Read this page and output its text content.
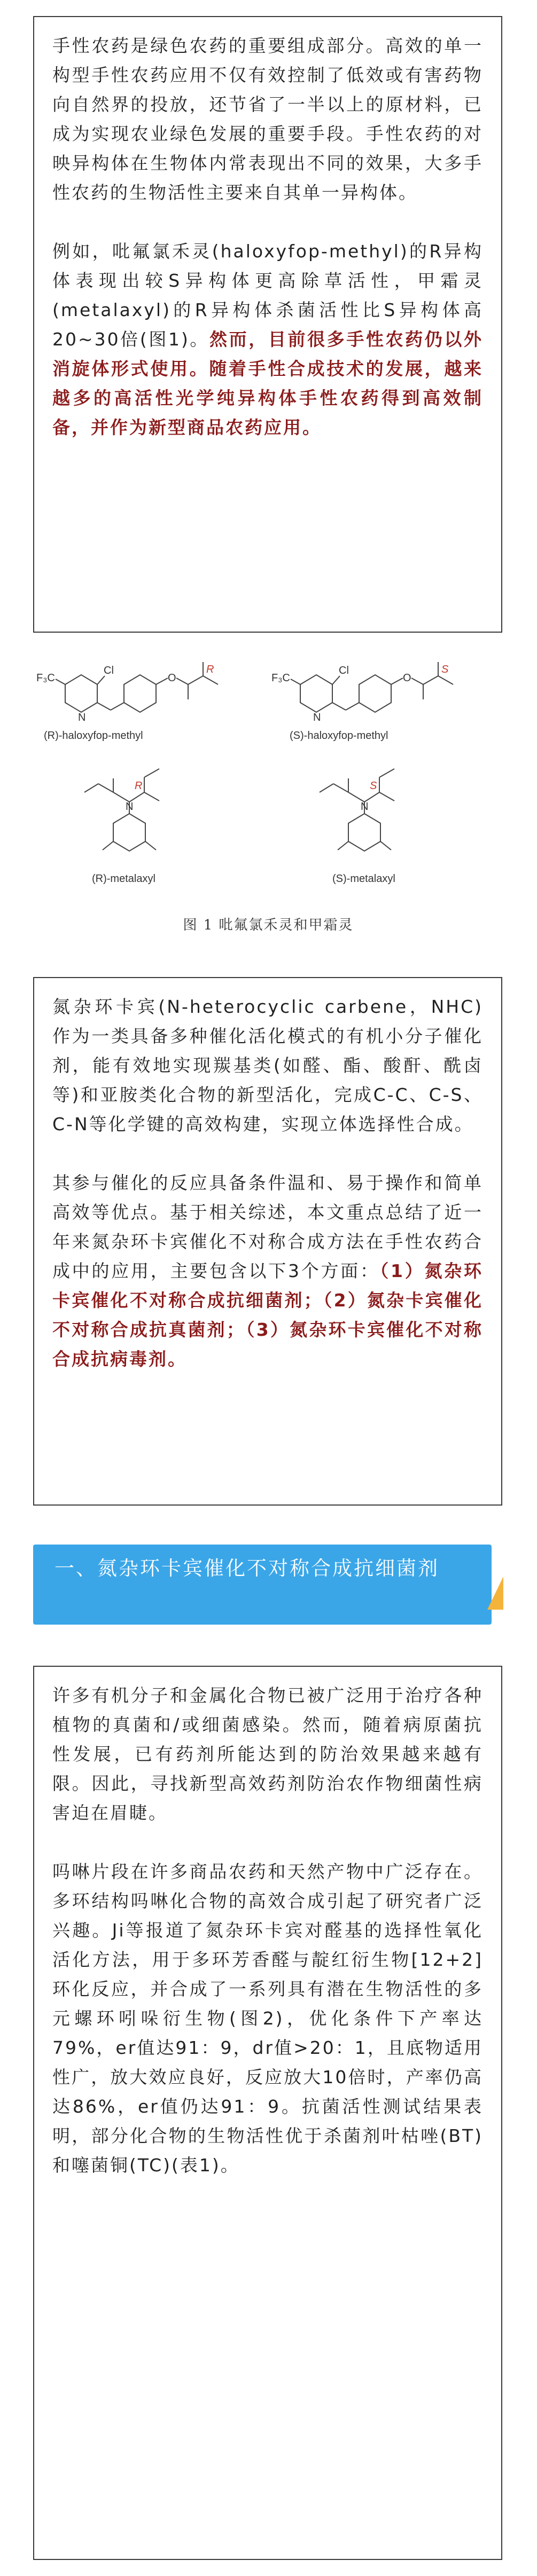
手性农药是绿色农药的重要组成部分。高效的单一构型手性农药应用不仅有效控制了低效或有害药物向自然界的投放，还节省了一半以上的原材料，已成为实现农业绿色发展的重要手段。手性农药的对映异构体在生物体内常表现出不同的效果，大多手性农药的生物活性主要来自其单一异构体。

例如，吡氟氯禾灵(haloxyfop-methyl)的R异构体表现出较S异构体更高除草活性，甲霜灵(metalaxyl)的R异构体杀菌活性比S异构体高20~30倍(图1)。然而，目前很多手性农药仍以外消旋体形式使用。随着手性合成技术的发展，越来越多的高活性光学纯异构体手性农药得到高效制备，并作为新型商品农药应用。

F₃C
Cl
N
O	F₃C
Cl
N
O
N	N
R	S
R	S
(R)-haloxyfop-methyl	(S)-haloxyfop-methyl
(R)-metalaxyl	(S)-metalaxyl
图 1 吡氟氯禾灵和甲霜灵

氮杂环卡宾(N-heterocyclic carbene，NHC)作为一类具备多种催化活化模式的有机小分子催化剂，能有效地实现羰基类(如醛、酯、酸酐、酰卤等)和亚胺类化合物的新型活化，完成C-C、C-S、C-N等化学键的高效构建，实现立体选择性合成。

其参与催化的反应具备条件温和、易于操作和简单高效等优点。基于相关综述，本文重点总结了近一年来氮杂环卡宾催化不对称合成方法在手性农药合成中的应用，主要包含以下3个方面：（1）氮杂环卡宾催化不对称合成抗细菌剂；（2）氮杂卡宾催化不对称合成抗真菌剂；（3）氮杂环卡宾催化不对称合成抗病毒剂。

一、氮杂环卡宾催化不对称合成抗细菌剂

许多有机分子和金属化合物已被广泛用于治疗各种植物的真菌和/或细菌感染。然而，随着病原菌抗性发展，已有药剂所能达到的防治效果越来越有限。因此，寻找新型高效药剂防治农作物细菌性病害迫在眉睫。

吗啉片段在许多商品农药和天然产物中广泛存在。多环结构吗啉化合物的高效合成引起了研究者广泛兴趣。Ji等报道了氮杂环卡宾对醛基的选择性氧化活化方法，用于多环芳香醛与靛红衍生物[12+2]环化反应，并合成了一系列具有潜在生物活性的多元螺环吲哚衍生物(图2)，优化条件下产率达79%，er值达91：9，dr值>20：1，且底物适用性广，放大效应良好，反应放大10倍时，产率仍高达86%，er值仍达91：9。抗菌活性测试结果表明，部分化合物的生物活性优于杀菌剂叶枯唑(BT)和噻菌铜(TC)(表1)。
